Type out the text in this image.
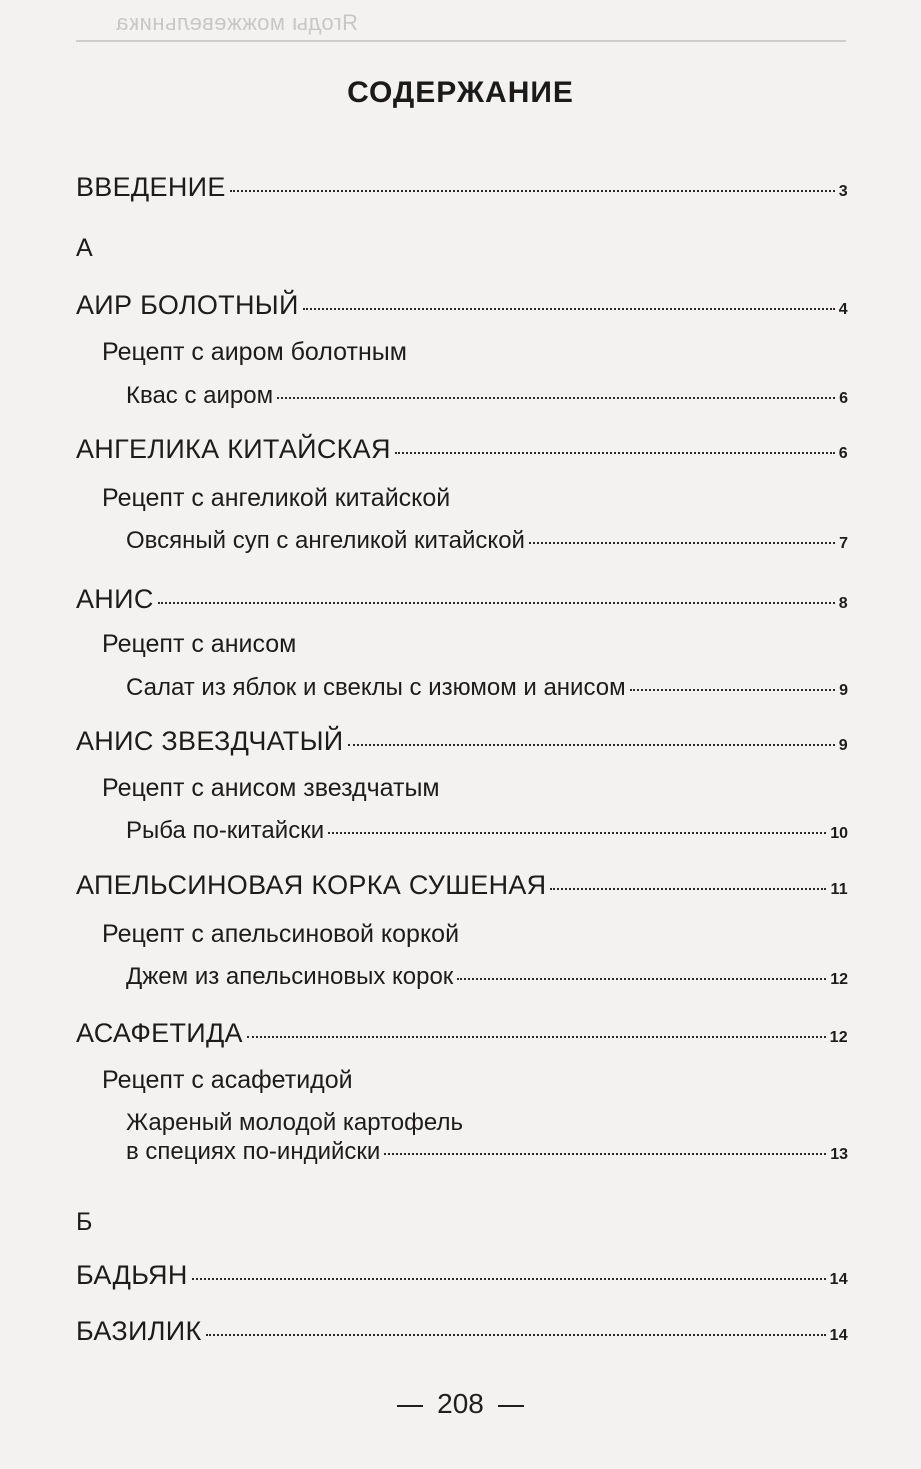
Ягоды можжевельника
СОДЕРЖАНИЕ
ВВЕДЕНИЕ	3
А
АИР БОЛОТНЫЙ	4
Рецепт с аиром болотным
Квас с аиром	6
АНГЕЛИКА КИТАЙСКАЯ	6
Рецепт с ангеликой китайской
Овсяный суп с ангеликой китайской	7
АНИС	8
Рецепт с анисом
Салат из яблок и свеклы с изюмом и анисом	9
АНИС ЗВЕЗДЧАТЫЙ	9
Рецепт с анисом звездчатым
Рыба по-китайски	10
АПЕЛЬСИНОВАЯ КОРКА СУШЕНАЯ	11
Рецепт с апельсиновой коркой
Джем из апельсиновых корок	12
АСАФЕТИДА	12
Рецепт с асафетидой
Жареный молодой картофель
в специях по-индийски	13
Б
БАДЬЯН	14
БАЗИЛИК	14
208
